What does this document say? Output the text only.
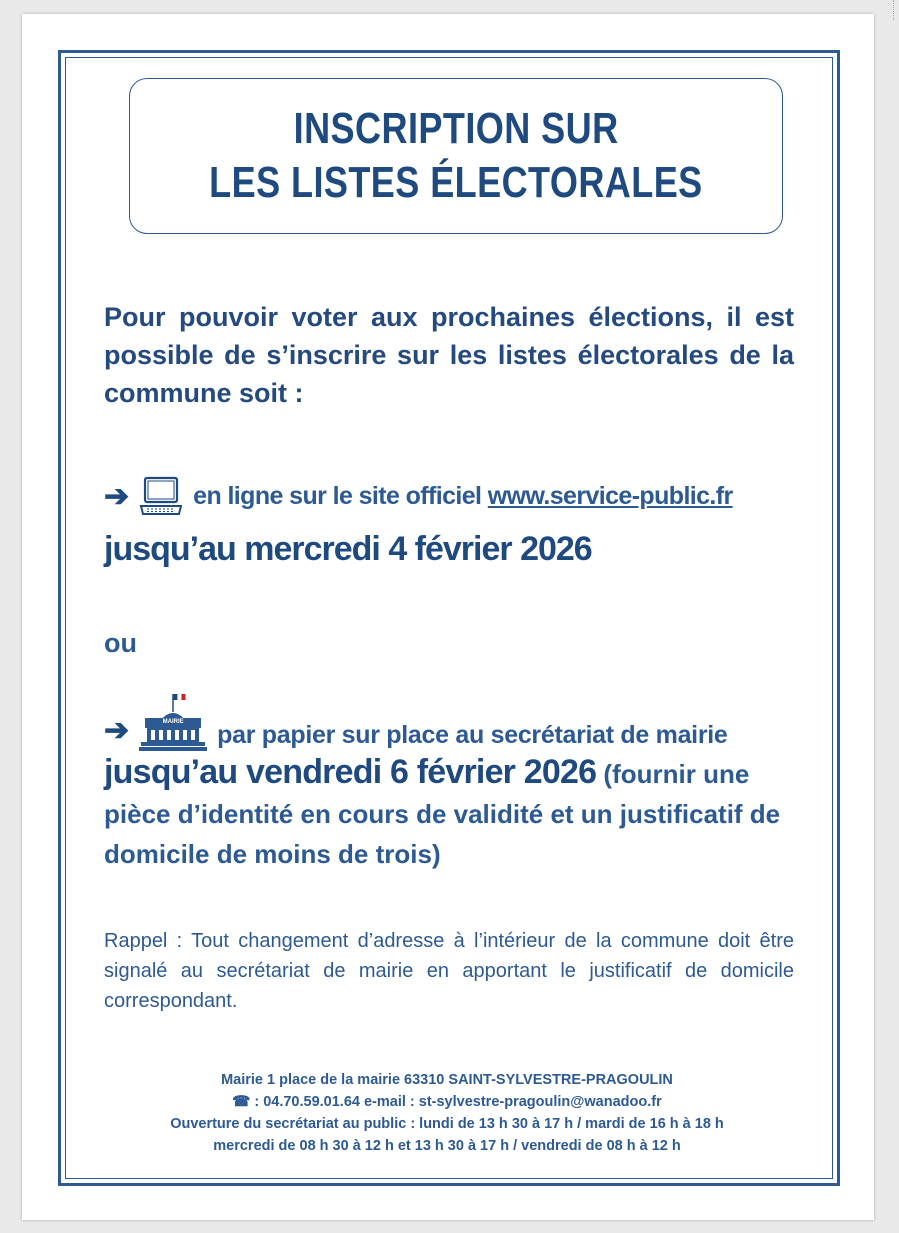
INSCRIPTION SUR
LES LISTES ÉLECTORALES
Pour pouvoir voter aux prochaines élections, il est possible de s’inscrire sur les listes électorales de la commune soit :
➔	en ligne sur le site officiel www.service-public.fr
jusqu’au mercredi 4 février 2026
ou
➔	MAIRIE	par papier sur place au secrétariat de mairie
jusqu’au vendredi 6 février 2026 (fournir une pièce d’identité en cours de validité et un justificatif de domicile de moins de trois)
Rappel : Tout changement d’adresse à l’intérieur de la commune doit être signalé au secrétariat de mairie en apportant le justificatif de domicile correspondant.
Mairie 1 place de la mairie 63310 SAINT-SYLVESTRE-PRAGOULIN
☎ : 04.70.59.01.64 e-mail : st-sylvestre-pragoulin@wanadoo.fr
Ouverture du secrétariat au public : lundi de 13 h 30 à 17 h / mardi de 16 h à 18 h
mercredi de 08 h 30 à 12 h et 13 h 30 à 17 h / vendredi de 08 h à 12 h
